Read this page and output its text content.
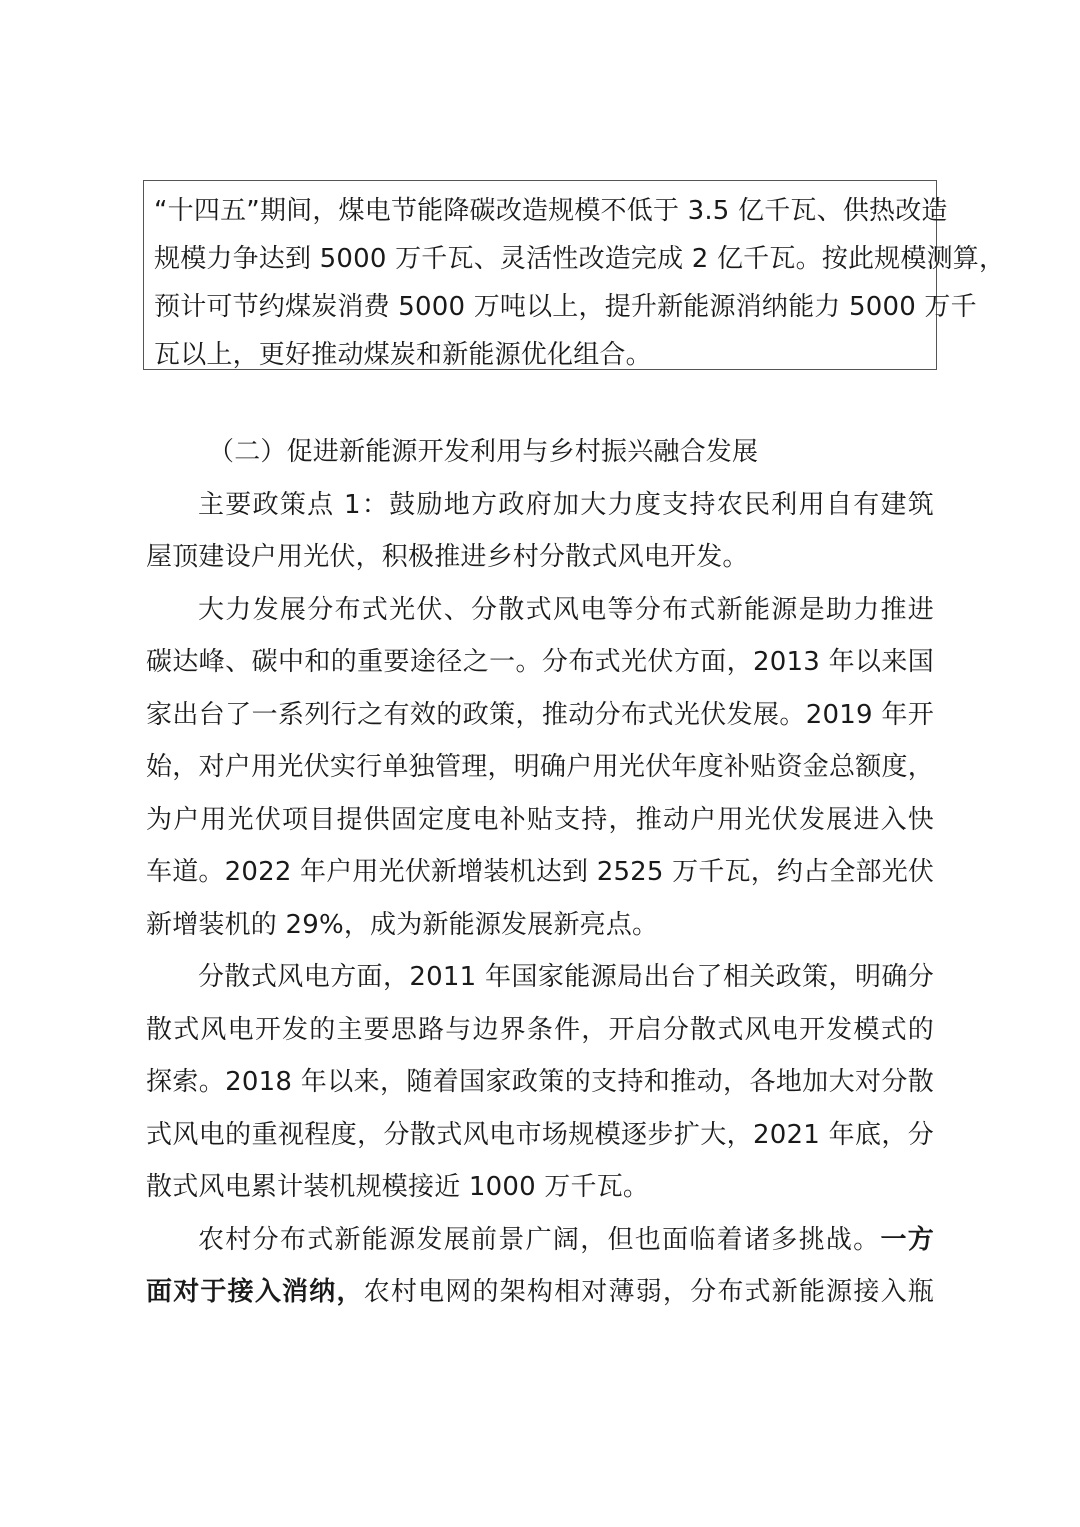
“十四五”期间，煤电节能降碳改造规模不低于 3.5 亿千瓦、供热改造
规模力争达到 5000 万千瓦、灵活性改造完成 2 亿千瓦。按此规模测算，
预计可节约煤炭消费 5000 万吨以上，提升新能源消纳能力 5000 万千
瓦以上，更好推动煤炭和新能源优化组合。
（二）促进新能源开发利用与乡村振兴融合发展
主要政策点 1：鼓励地方政府加大力度支持农民利用自有建筑
屋顶建设户用光伏，积极推进乡村分散式风电开发。
大力发展分布式光伏、分散式风电等分布式新能源是助力推进
碳达峰、碳中和的重要途径之一。分布式光伏方面，2013 年以来国
家出台了一系列行之有效的政策，推动分布式光伏发展。2019 年开
始，对户用光伏实行单独管理，明确户用光伏年度补贴资金总额度，
为户用光伏项目提供固定度电补贴支持，推动户用光伏发展进入快
车道。2022 年户用光伏新增装机达到 2525 万千瓦，约占全部光伏
新增装机的 29%，成为新能源发展新亮点。
分散式风电方面，2011 年国家能源局出台了相关政策，明确分
散式风电开发的主要思路与边界条件，开启分散式风电开发模式的
探索。2018 年以来，随着国家政策的支持和推动，各地加大对分散
式风电的重视程度，分散式风电市场规模逐步扩大，2021 年底，分
散式风电累计装机规模接近 1000 万千瓦。
农村分布式新能源发展前景广阔，但也面临着诸多挑战。一方
面对于接入消纳，农村电网的架构相对薄弱，分布式新能源接入瓶
